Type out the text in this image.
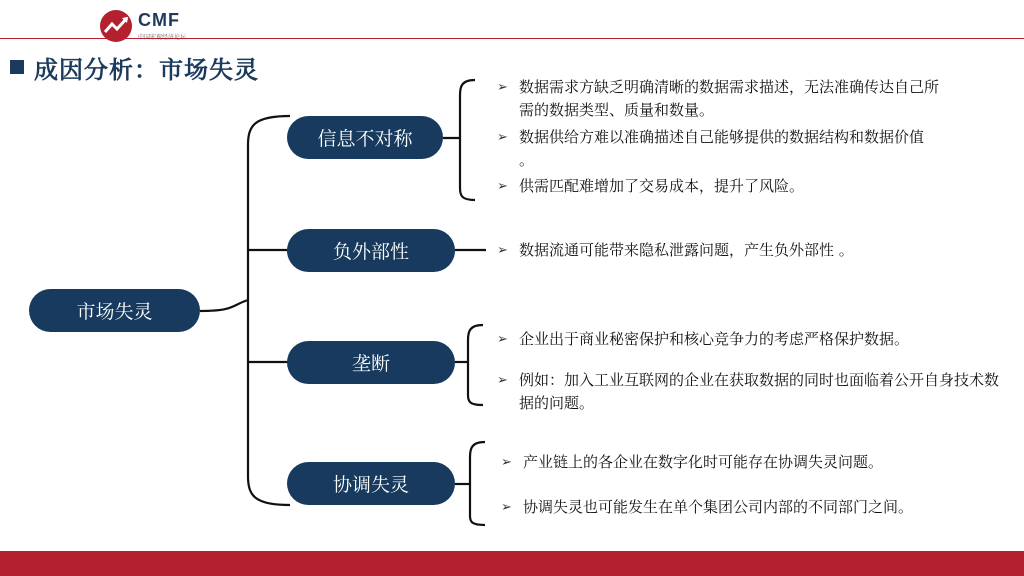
CMF
成因分析：市场失灵
市场失灵
信息不对称
负外部性
垄断
协调失灵
➢ 数据需求方缺乏明确清晰的数据需求描述，无法准确传达自己所需的数据类型、质量和数量。
➢ 数据供给方难以准确描述自己能够提供的数据结构和数据价值 。
➢ 供需匹配难增加了交易成本，提升了风险。
➢ 数据流通可能带来隐私泄露问题，产生负外部性 。
➢ 企业出于商业秘密保护和核心竞争力的考虑严格保护数据。
➢ 例如：加入工业互联网的企业在获取数据的同时也面临着公开自身技术数据的问题。
➢ 产业链上的各企业在数字化时可能存在协调失灵问题。
➢ 协调失灵也可能发生在单个集团公司内部的不同部门之间。
